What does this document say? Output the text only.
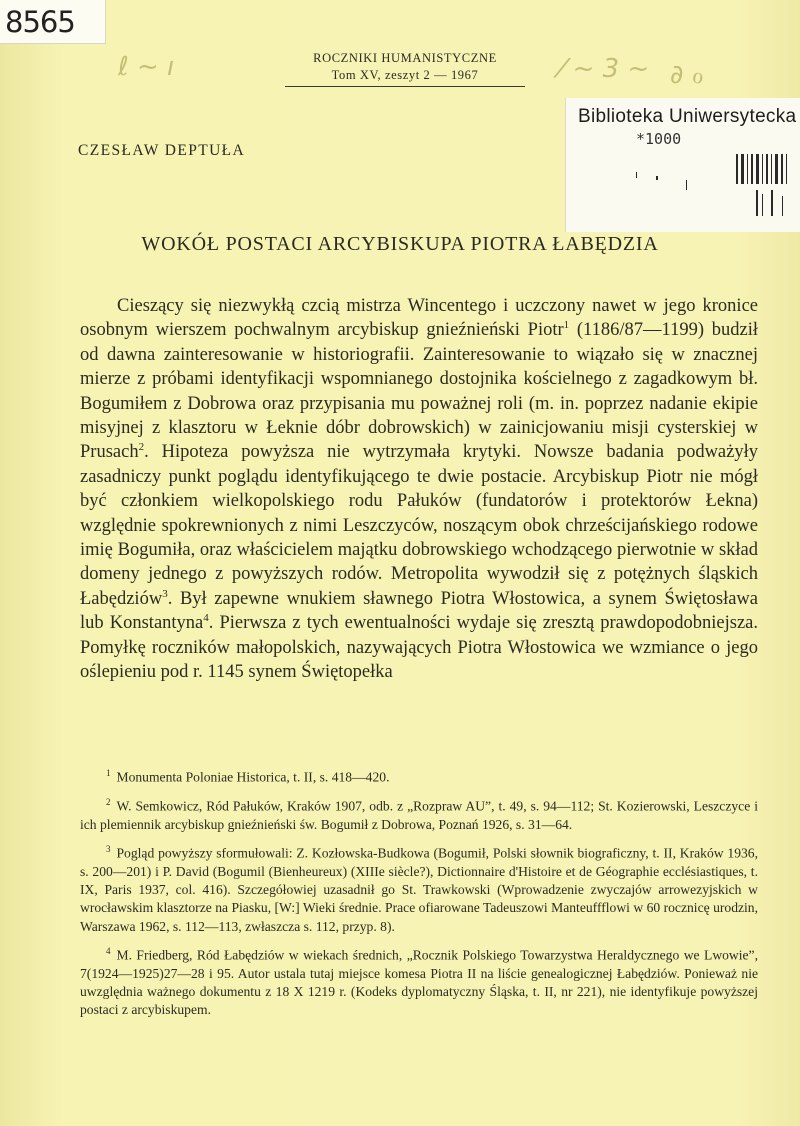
8565
ℓ ~ ı	⁄ ~ 3 ~ ∂ ℴ
ROCZNIKI HUMANISTYCZNE
Tom XV, zeszyt 2 — 1967
Biblioteka Uniwersytecka
*1000
CZESŁAW DEPTUŁA
WOKÓŁ POSTACI ARCYBISKUPA PIOTRA ŁABĘDZIA

Cieszący się niezwykłą czcią mistrza Wincentego i uczczony nawet w jego kronice osobnym wierszem pochwalnym arcybiskup gnieźnieński Piotr$^1$ (1186/87—1199) budził od dawna zainteresowanie w historiografii. Zainteresowanie to wiązało się w znacznej mierze z próbami identyfikacji wspomnianego dostojnika kościelnego z zagadkowym bł. Bogumiłem z Dobrowa oraz przypisania mu poważnej roli (m. in. poprzez nadanie ekipie misyjnej z klasztoru w Łeknie dóbr dobrowskich) w zainicjowaniu misji cysterskiej w Prusach$^2$. Hipoteza powyższa nie wytrzymała krytyki. Nowsze badania podważyły zasadniczy punkt poglądu identyfikującego te dwie postacie. Arcybiskup Piotr nie mógł być członkiem wielkopolskiego rodu Pałuków (fundatorów i protektorów Łekna) względnie spokrewnionych z nimi Leszczyców, noszącym obok chrześcijańskiego rodowe imię Bogumiła, oraz właścicielem majątku dobrowskiego wchodzącego pierwotnie w skład domeny jednego z powyższych rodów. Metropolita wywodził się z potężnych śląskich Łabędziów$^3$. Był zapewne wnukiem sławnego Piotra Włostowica, a synem Świętosława lub Konstantyna$^4$. Pierwsza z tych ewentualności wydaje się zresztą prawdopodobniejsza. Pomyłkę roczników małopolskich, nazywających Piotra Włostowica we wzmiance o jego oślepieniu pod r. 1145 synem Świętopełka

$^1$ Monumenta Poloniae Historica, t. II, s. 418—420.

$^2$ W. Semkowicz, Ród Pałuków, Kraków 1907, odb. z „Rozpraw AU”, t. 49, s. 94—112; St. Kozierowski, Leszczyce i ich plemiennik arcybiskup gnieźnieński św. Bogumił z Dobrowa, Poznań 1926, s. 31—64.

$^3$ Pogląd powyższy sformułowali: Z. Kozłowska-Budkowa (Bogumił, Polski słownik biograficzny, t. II, Kraków 1936, s. 200—201) i P. David (Bogumil (Bienheureux) (XIIIe siècle?), Dictionnaire d'Histoire et de Géographie ecclésiastiques, t. IX, Paris 1937, col. 416). Szczegółowiej uzasadnił go St. Trawkowski (Wprowadzenie zwyczajów arrowezyjskich w wrocławskim klasztorze na Piasku, [W:] Wieki średnie. Prace ofiarowane Tadeuszowi Manteuffflowi w 60 rocznicę urodzin, Warszawa 1962, s. 112—113, zwłaszcza s. 112, przyp. 8).

$^4$ M. Friedberg, Ród Łabędziów w wiekach średnich, „Rocznik Polskiego Towarzystwa Heraldycznego we Lwowie”, 7(1924—1925)27—28 i 95. Autor ustala tutaj miejsce komesa Piotra II na liście genealogicznej Łabędziów. Ponieważ nie uwzględnia ważnego dokumentu z 18 X 1219 r. (Kodeks dyplomatyczny Śląska, t. II, nr 221), nie identyfikuje powyższej postaci z arcybiskupem.
